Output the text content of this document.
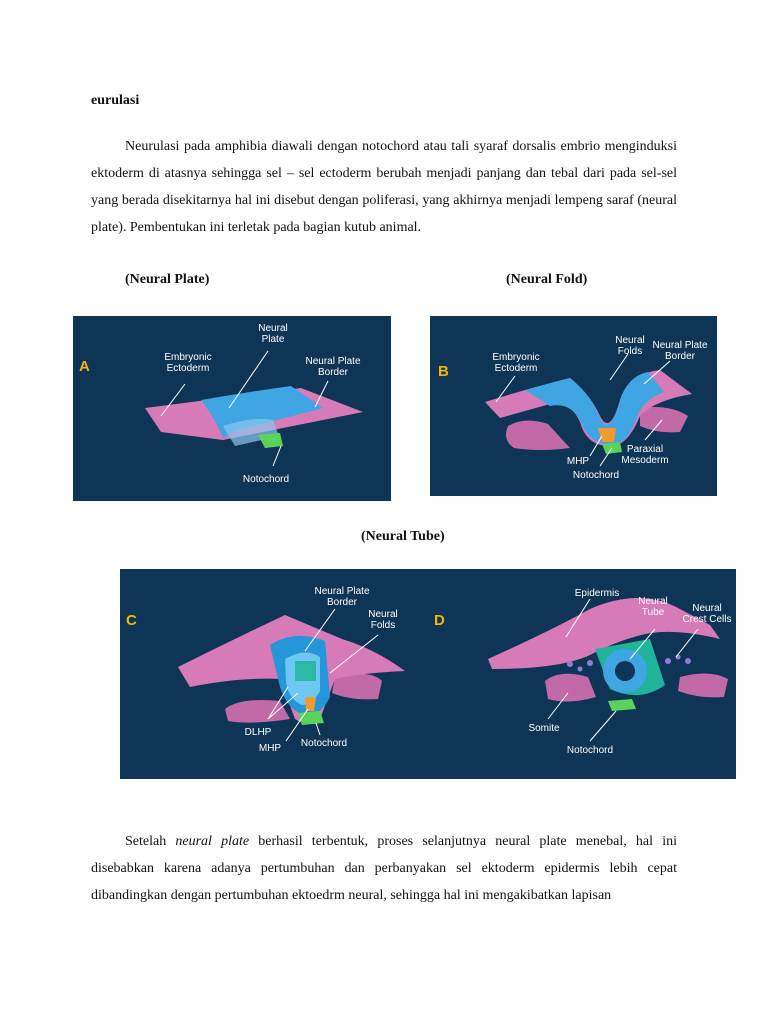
eurulasi

Neurulasi pada amphibia diawali dengan notochord atau tali syaraf dorsalis embrio menginduksi ektoderm di atasnya sehingga sel – sel ectoderm berubah menjadi panjang dan tebal dari pada sel-sel yang berada disekitarnya hal ini disebut dengan poliferasi, yang akhirnya menjadi lempeng saraf (neural plate). Pembentukan ini terletak pada bagian kutub animal.

(Neural Plate)	(Neural Fold)
A
Embryonic Ectoderm
Neural Plate
Neural Plate Border
Notochord
B
Embryonic Ectoderm
Neural Folds
Neural Plate Border
Paraxial Mesoderm
MHP
Notochord
(Neural Tube)
C
Neural Plate Border
Neural Folds
DLHP
MHP Notochord
D
Epidermis
Neural Tube	Neural Crest Cells
Somite
Notochord

Setelah neural plate berhasil terbentuk, proses selanjutnya neural plate menebal, hal ini disebabkan karena adanya pertumbuhan dan perbanyakan sel ektoderm epidermis lebih cepat dibandingkan dengan pertumbuhan ektoedrm neural, sehingga hal ini mengakibatkan lapisan
